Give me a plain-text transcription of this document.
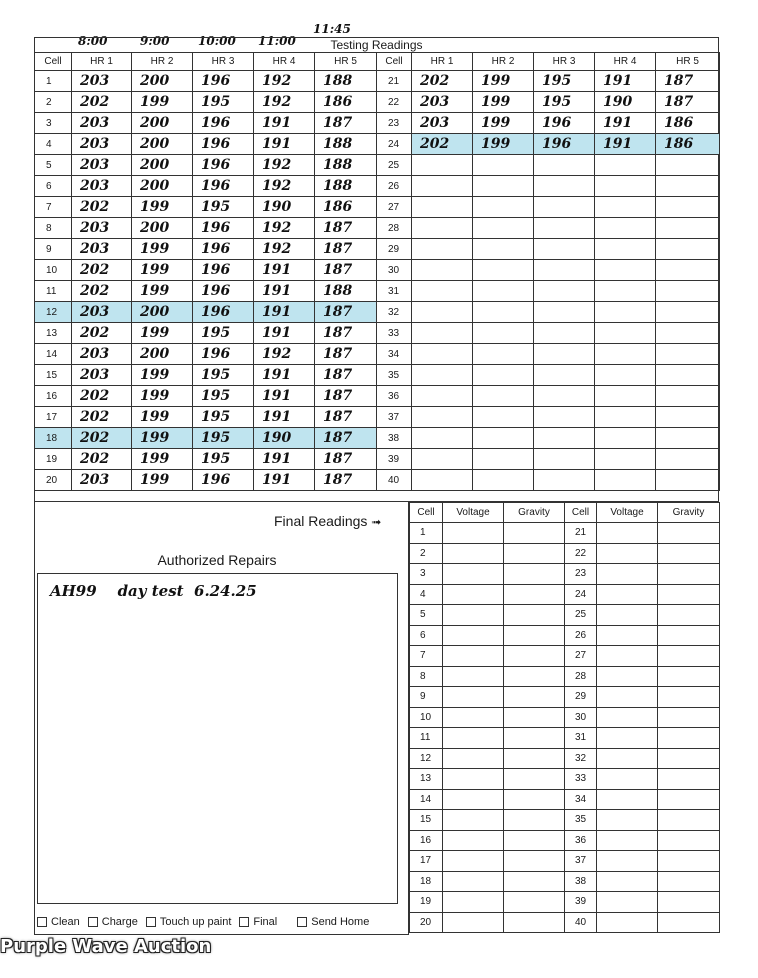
8:00	9:00 10:00 11:00
11:45
Testing Readings
Cell	HR 1	HR 2	HR 3	HR 4	HR 5	Cell	HR 1	HR 2	HR 3	HR 4	HR 5
1	203	200	196	192	188	21	202	199	195	191	187
2	202	199	195	192	186	22	203	199	195	190	187
3	203	200	196	191	187	23	203	199	196	191	186
4	203	200	196	191	188	24	202	199	196	191	186
5	203	200	196	192	188	25					
6	203	200	196	192	188	26					
7	202	199	195	190	186	27					
8	203	200	196	192	187	28					
9	203	199	196	192	187	29					
10	202	199	196	191	187	30					
11	202	199	196	191	188	31					
12	203	200	196	191	187	32					
13	202	199	195	191	187	33					
14	203	200	196	192	187	34					
15	203	199	195	191	187	35					
16	202	199	195	191	187	36					
17	202	199	195	191	187	37					
18	202	199	195	190	187	38					
19	202	199	195	191	187	39					
20	203	199	196	191	187	40					
Final Readings ➟
Cell	Voltage	Gravity	Cell	Voltage	Gravity
1			21		
2			22		
3			23		
4			24		
5			25		
6			26		
7			27		
8			28		
9			29		
10			30		
11			31		
12			32		
13			33		
14			34		
15			35		
16			36		
17			37		
18			38		
19			39		
20			40		
Authorized Repairs
AH99    day test  6.24.25
Clean Charge Touch up paint Final	Send Home
Purple Wave Auction
